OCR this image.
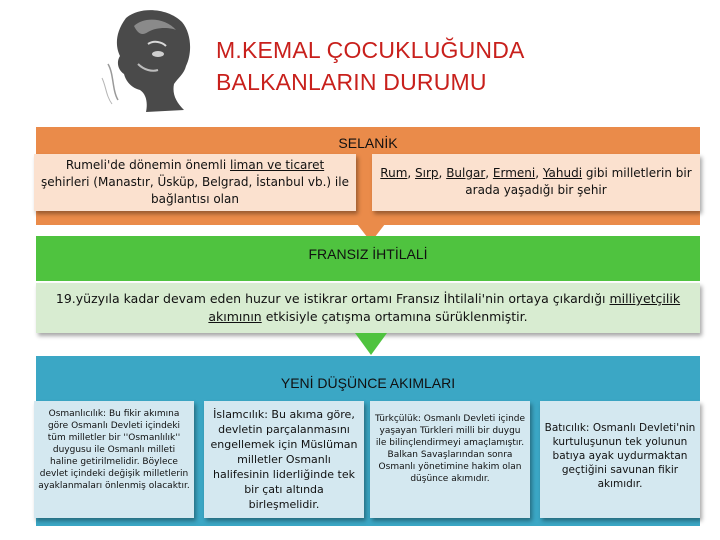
M.KEMAL ÇOCUKLUĞUNDA
BALKANLARIN DURUMU
SELANİK
Rumeli'de dönemin önemli liman ve ticaret
şehirleri (Manastır, Üsküp, Belgrad, İstanbul vb.) ile bağlantısı olan
Rum, Sırp, Bulgar, Ermeni, Yahudi gibi milletlerin bir arada yaşadığı bir şehir
FRANSIZ İHTİLALİ
19.yüzyıla kadar devam eden huzur ve istikrar ortamı Fransız İhtilali'nin ortaya çıkardığı milliyetçilik akımının etkisiyle çatışma ortamına sürüklenmiştir.
YENİ DÜŞÜNCE AKIMLARI
Osmanlıcılık: Bu fikir akımına göre Osmanlı Devleti içindeki tüm milletler bir ''Osmanlılık'' duygusu ile Osmanlı milleti haline getirilmelidir. Böylece devlet içindeki değişik milletlerin ayaklanmaları önlenmiş olacaktır.
İslamcılık: Bu akıma göre, devletin parçalanmasını engellemek için Müslüman milletler Osmanlı halifesinin liderliğinde tek bir çatı altında birleşmelidir.
Türkçülük: Osmanlı Devleti içinde yaşayan Türkleri milli bir duygu ile bilinçlendirmeyi amaçlamıştır. Balkan Savaşlarından sonra Osmanlı yönetimine hakim olan düşünce akımıdır.
Batıcılık: Osmanlı Devleti'nin kurtuluşunun tek yolunun batıya ayak uydurmaktan geçtiğini savunan fikir akımıdır.
